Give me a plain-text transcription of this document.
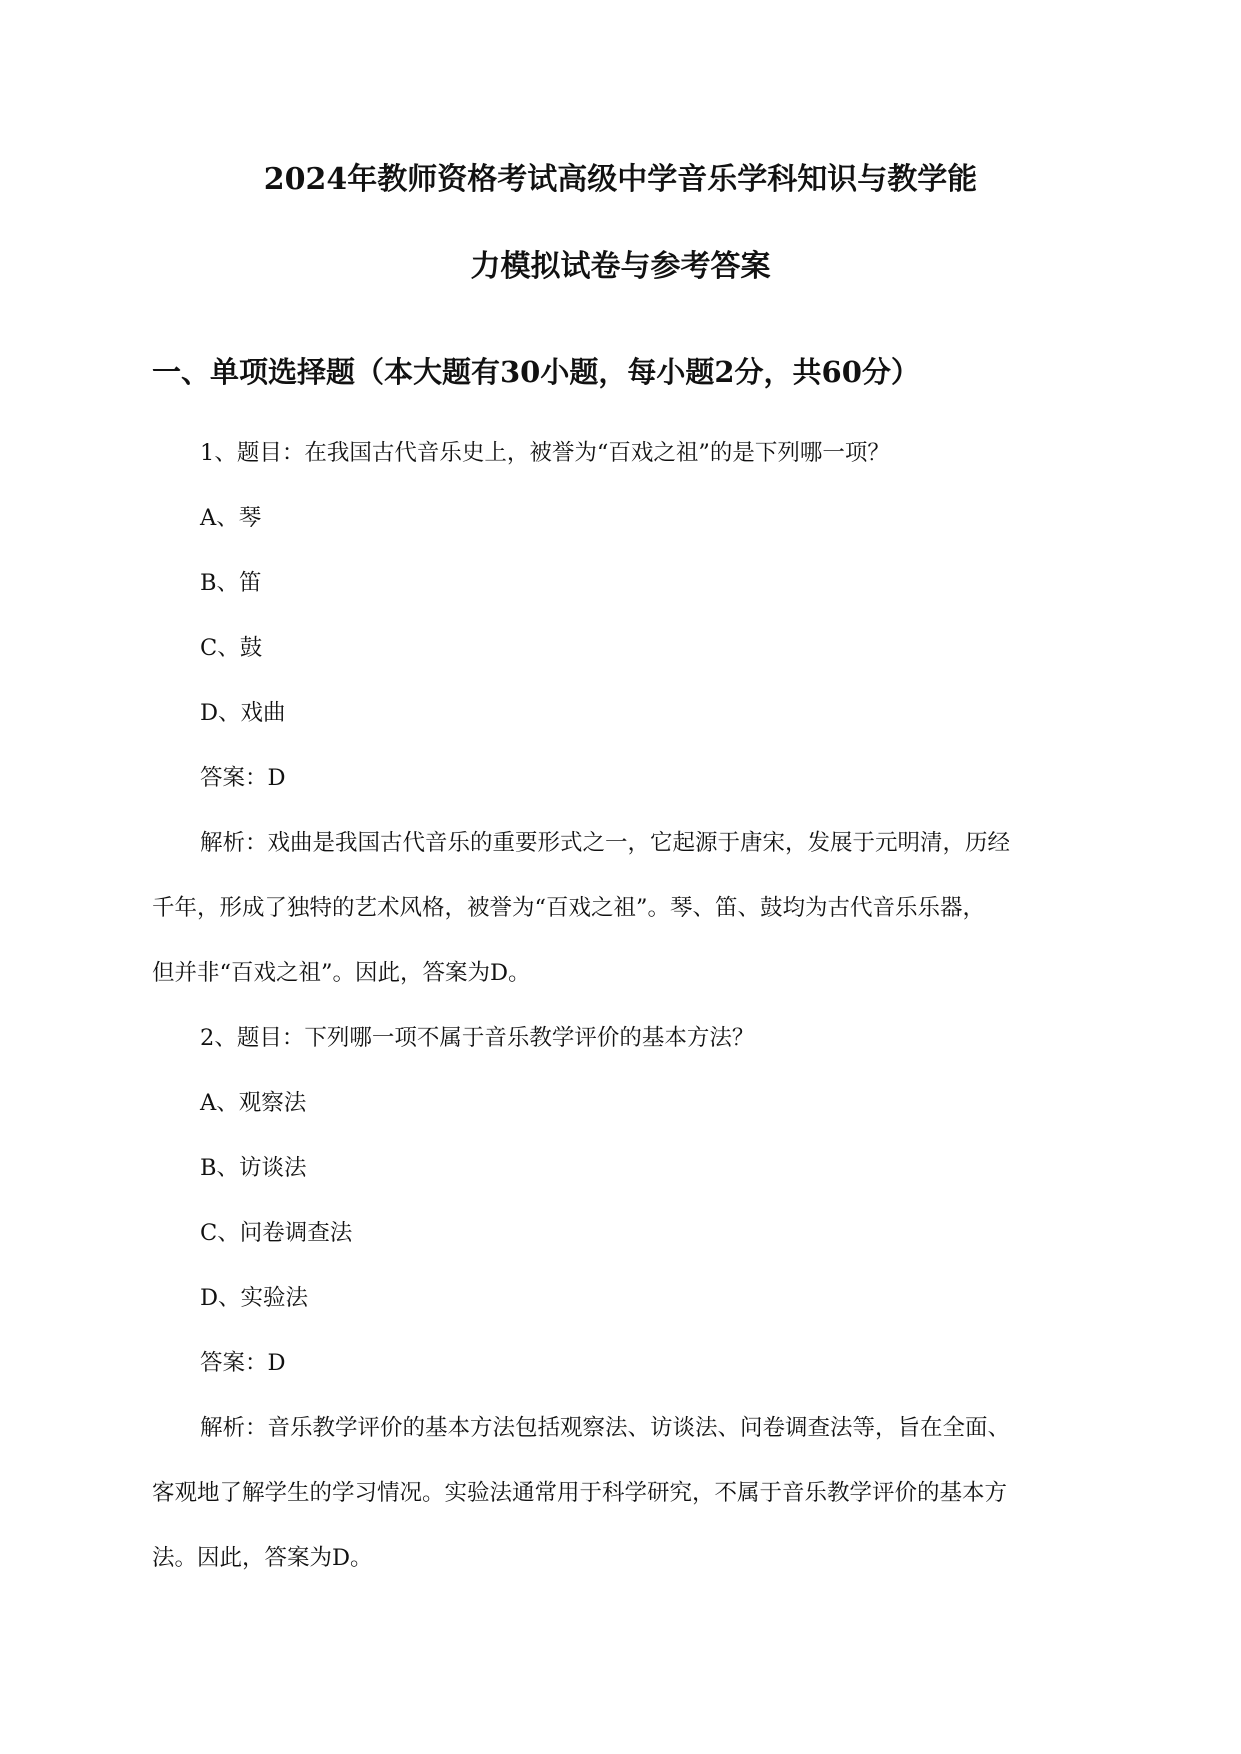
2024年教师资格考试高级中学音乐学科知识与教学能
力模拟试卷与参考答案
一、单项选择题（本大题有30小题，每小题2分，共60分）
1、题目：在我国古代音乐史上，被誉为“百戏之祖”的是下列哪一项？
A、琴
B、笛
C、鼓
D、戏曲
答案：D
解析：戏曲是我国古代音乐的重要形式之一，它起源于唐宋，发展于元明清，历经
千年，形成了独特的艺术风格，被誉为“百戏之祖”。琴、笛、鼓均为古代音乐乐器，
但并非“百戏之祖”。因此，答案为D。
2、题目：下列哪一项不属于音乐教学评价的基本方法？
A、观察法
B、访谈法
C、问卷调查法
D、实验法
答案：D
解析：音乐教学评价的基本方法包括观察法、访谈法、问卷调查法等，旨在全面、
客观地了解学生的学习情况。实验法通常用于科学研究，不属于音乐教学评价的基本方
法。因此，答案为D。
